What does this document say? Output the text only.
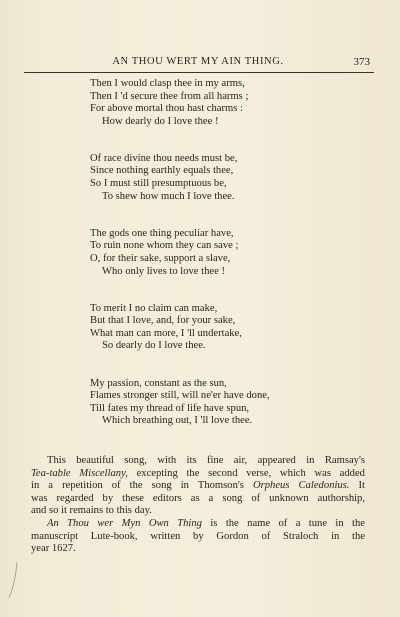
AN THOU WERT MY AIN THING.	373
Then I would clasp thee in my arms,
Then I 'd secure thee from all harms ;
For above mortal thou hast charms :
How dearly do I love thee !
Of race divine thou needs must be,
Since nothing earthly equals thee,
So I must still presumptuous be,
To shew how much I love thee.
The gods one thing peculiar have,
To ruin none whom they can save ;
O, for their sake, support a slave,
Who only lives to love thee !
To merit I no claim can make,
But that I love, and, for your sake,
What man can more, I 'll undertake,
So dearly do I love thee.
My passion, constant as the sun,
Flames stronger still, will ne'er have done,
Till fates my thread of life have spun,
Which breathing out, I 'll love thee.

This beautiful song, with its fine air, appeared in Ramsay's
Tea-table Miscellany, excepting the second verse, which was added
in a repetition of the song in Thomson's Orpheus Caledonius. It
was regarded by these editors as a song of unknown authorship,
and so it remains to this day.

An Thou wer Myn Own Thing is the name of a tune in the
manuscript Lute-book, written by Gordon of Straloch in the
year 1627.
